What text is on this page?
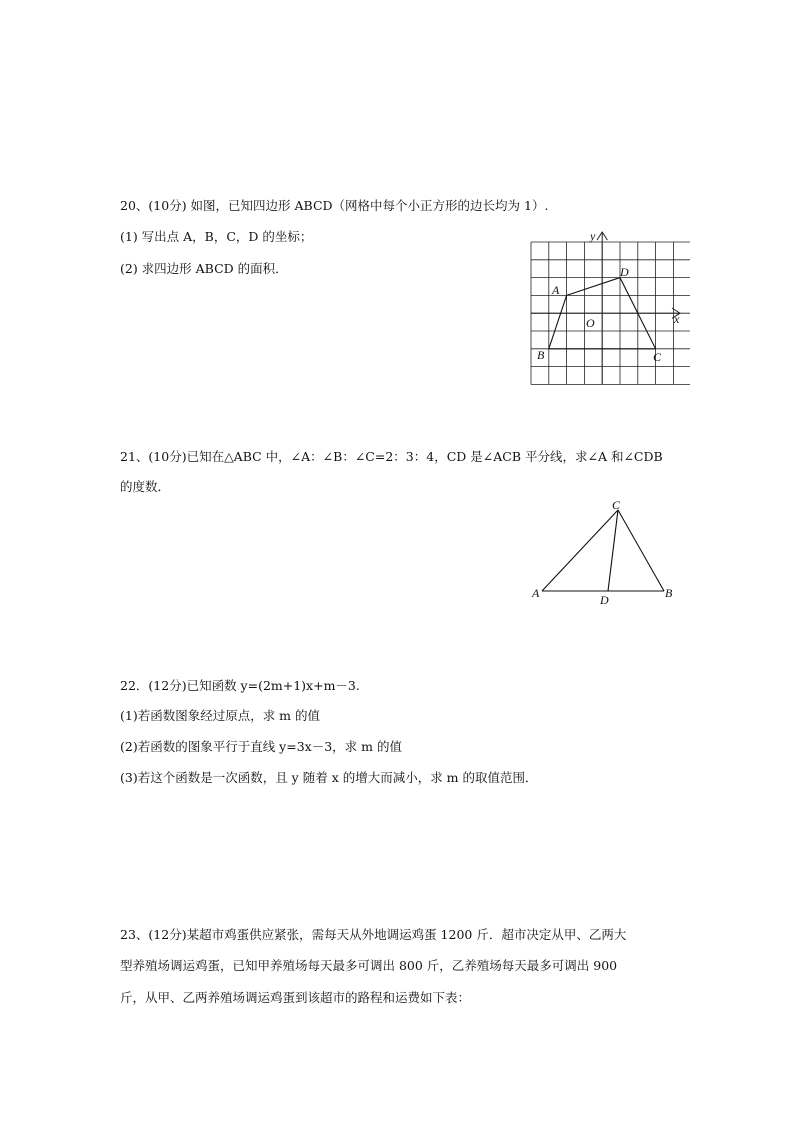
20、(10分) 如图，已知四边形 ABCD（网格中每个小正方形的边长均为 1）.
(1) 写出点 A，B，C，D 的坐标；
(2) 求四边形 ABCD 的面积．
y
x
O
A
B	C
D
21、(10分)已知在△ABC 中，∠A：∠B：∠C=2：3：4，CD 是∠ACB 平分线，求∠A 和∠CDB
的度数．
C
A	B
D
22．(12分)已知函数 y=(2m+1)x+m－3.
(1)若函数图象经过原点，求 m 的值
(2)若函数的图象平行于直线 y=3x－3，求 m 的值
(3)若这个函数是一次函数，且 y 随着 x 的增大而减小，求 m 的取值范围．
23、(12分)某超市鸡蛋供应紧张，需每天从外地调运鸡蛋 1200 斤．超市决定从甲、乙两大
型养殖场调运鸡蛋，已知甲养殖场每天最多可调出 800 斤，乙养殖场每天最多可调出 900
斤，从甲、乙两养殖场调运鸡蛋到该超市的路程和运费如下表：
